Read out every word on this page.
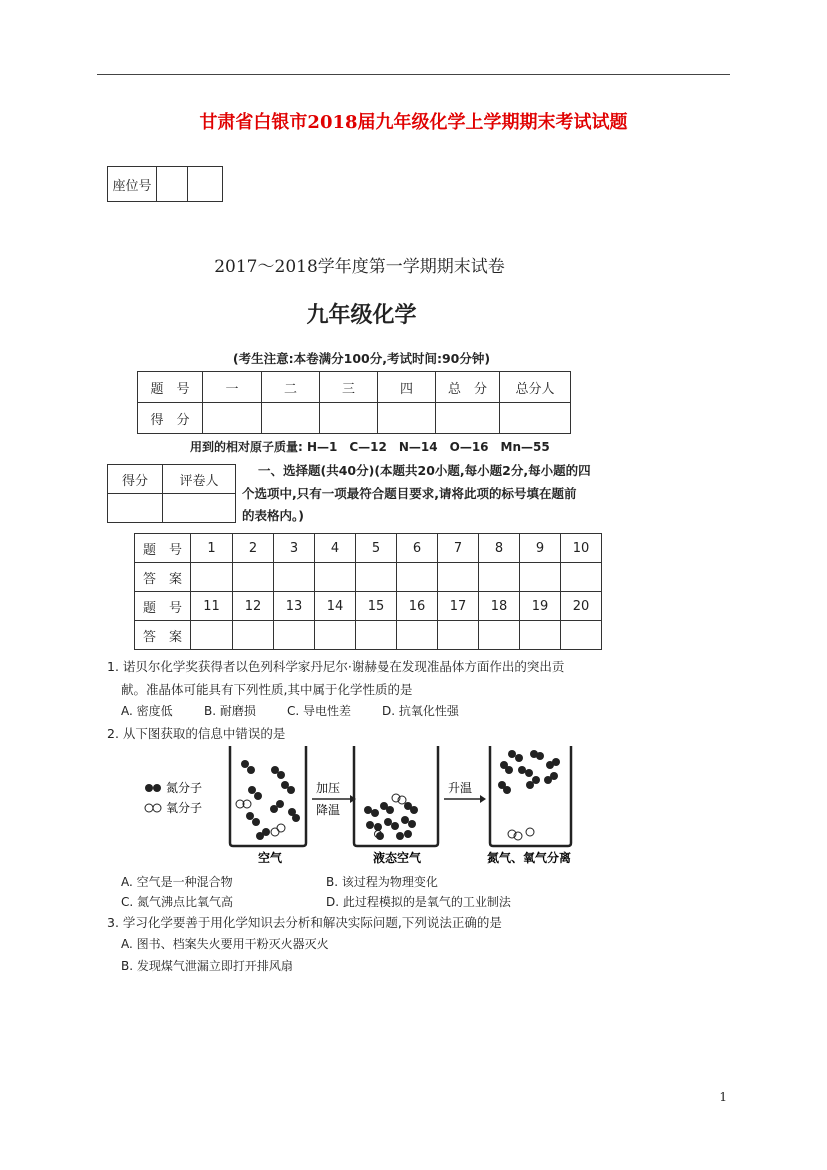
甘肃省白银市2018届九年级化学上学期期末考试试题
座位号		
2017～2018学年度第一学期期末试卷
九年级化学
(考生注意:本卷满分100分,考试时间:90分钟)
题　号	一	二	三	四	总　分	总分人
得　分						
用到的相对原子质量: H—1　C—12　N—14　O—16　Mn—55
得分	评卷人

一、选择题(共40分)(本题共20小题,每小题2分,每小题的四
个选项中,只有一项最符合题目要求,请将此项的标号填在题前
的表格内。)
题　号	1	2	3	4	5	6	7	8	9	10
答　案										
题　号	11	12	13	14	15	16	17	18	19	20
答　案										
1. 诺贝尔化学奖获得者以色列科学家丹尼尔·谢赫曼在发现准晶体方面作出的突出贡
献。准晶体可能具有下列性质,其中属于化学性质的是
A. 密度低	B. 耐磨损	C. 导电性差	D. 抗氧化性强
2. 从下图获取的信息中错误的是
氮分子
氧分子
加压
降温
升温
空气	液态空气	氮气、氧气分离
A. 空气是一种混合物	B. 该过程为物理变化
C. 氮气沸点比氧气高	D. 此过程模拟的是氧气的工业制法
3. 学习化学要善于用化学知识去分析和解决实际问题,下列说法正确的是
A. 图书、档案失火要用干粉灭火器灭火
B. 发现煤气泄漏立即打开排风扇
1
